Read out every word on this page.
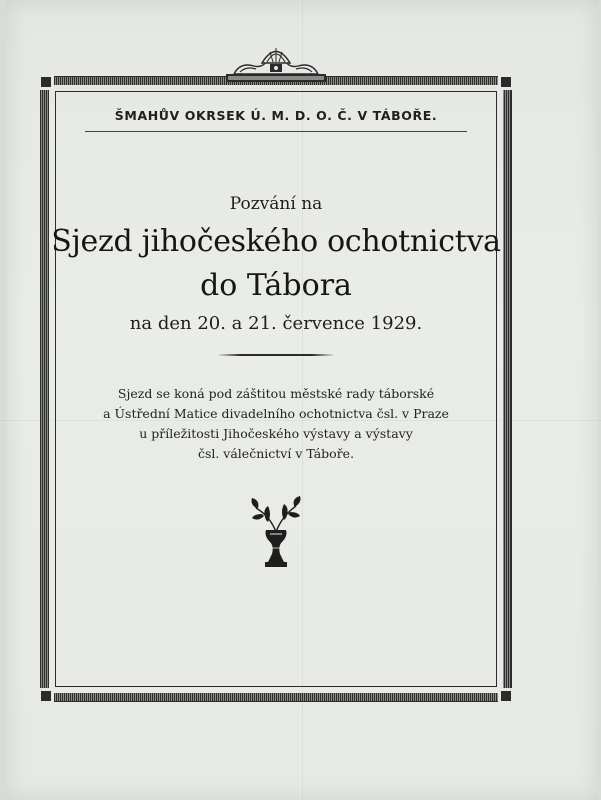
ŠMAHŮV OKRSEK Ú. M. D. O. Č. V TÁBOŘE.
Pozvání na
Sjezd jihočeského ochotnictva
do Tábora
na den 20. a 21. července 1929.
Sjezd se koná pod záštitou městské rady táborské
a Ústřední Matice divadelního ochotnictva čsl. v Praze
u příležitosti Jihočeského výstavy a výstavy
čsl. válečnictví v Táboře.
